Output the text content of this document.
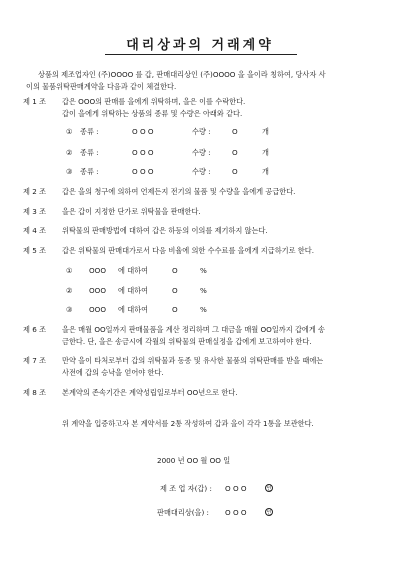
대리상과의 거래계약
상품의 제조업자인 (주)OOOO 를 갑, 판매대리상인 (주)OOOO 을 을이라 칭하여, 당사자 사
이의 물품위탁판매계약을 다음과 같이 체결한다.
제 1 조 갑은 OOO의 판매를 을에게 위탁하며, 을은 이를 수락한다.
갑이 을에게 위탁하는 상품의 종류 및 수량은 아래와 같다.
① 종류 :	O O O	수량 :	O	개
② 종류 :	O O O	수량 :	O	개
③ 종류 :	O O O	수량 :	O	개
제 2 조 갑은 을의 청구에 의하여 언제든지 전기의 물품 및 수량을 을에게 공급한다.
제 3 조 을은 갑이 지정한 단가로 위탁물을 판매한다.
제 4 조 위탁물의 판매방법에 대하여 갑은 하등의 이의를 제기하지 않는다.
제 5 조 갑은 위탁물의 판매대가로서 다음 비율에 의한 수수료를 을에게 지급하기로 한다.
① OOO 에 대하여	O	%
② OOO 에 대하여	O	%
③ OOO 에 대하여	O	%
제 6 조 을은 매월 OO일까지 판매물품을 계산 정리하며 그 대금을 매월 OO일까지 갑에게 송
금한다. 단, 을은 송금시에 각월의 위탁물의 판매실정을 갑에게 보고하여야 한다.
제 7 조 만약 을이 타처로부터 갑의 위탁물과 동종 및 유사한 물품의 위탁판매를 받을 때에는
사전에 갑의 승낙을 얻어야 한다.
제 8 조 본계약의 존속기간은 계약성립일로부터 OO년으로 한다.
위 계약을 입증하고자 본 계약서를 2통 작성하여 갑과 을이 각각 1통을 보관한다.
2000 년 OO 월 OO 일
제 조 업 자(갑) : O O O	인
판매대리상(을) : O O O	인
